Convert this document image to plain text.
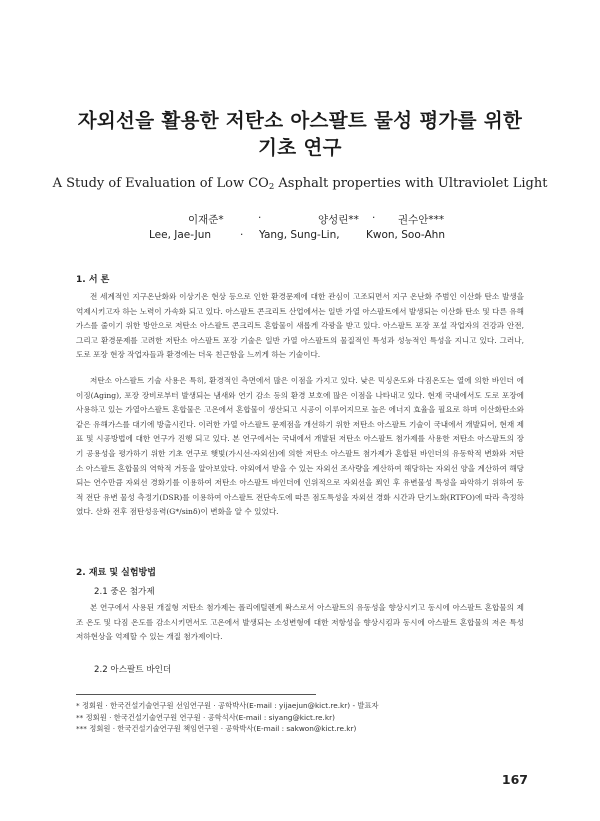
자외선을 활용한 저탄소 아스팔트 물성 평가를 위한
기초 연구
A Study of Evaluation of Low $CO_2$ Asphalt properties with Ultraviolet Light
이재준*	·	양성린** · 권수안***
Lee, Jae-Jun	· Yang, Sung-Lin,	Kwon, Soo-Ahn
1. 서 론

전 세계적인 지구온난화와 이상기온 현상 등으로 인한 환경문제에 대한 관심이 고조되면서 지구 온난화 주범인 이산화 탄소 발생을 억제시키고자 하는 노력이 가속화 되고 있다. 아스팔트 콘크리트 산업에서는 일반 가열 아스팔트에서 발생되는 이산화 탄소 및 다른 유해가스를 줄이기 위한 방안으로 저탄소 아스팔트 콘크리트 혼합물이 새롭게 각광을 받고 있다. 아스팔트 포장 포설 작업자의 건강과 안전, 그리고 환경문제를 고려한 저탄소 아스팔트 포장 기술은 일반 가열 아스팔트의 물질적인 특성과 성능적인 특성을 지니고 있다. 그러나, 도로 포장 현장 작업자들과 환경에는 더욱 친근함을 느끼게 하는 기술이다.

저탄소 아스팔트 기술 사용은 특히, 환경적인 측면에서 많은 이점을 가지고 있다. 낮은 믹싱온도와 다짐온도는 열에 의한 바인더 에이징(Aging), 포장 장비로부터 발생되는 냄새와 연기 감소 등의 환경 보호에 많은 이점을 나타내고 있다. 현재 국내에서도 도로 포장에 사용하고 있는 가열아스팔트 혼합물은 고온에서 혼합물이 생산되고 시공이 이루어지므로 높은 에너지 효율을 필요로 하며 이산화탄소와 같은 유해가스를 대기에 방출시킨다. 이러한 가열 아스팔트 문제점을 개선하기 위한 저탄소 아스팔트 기술이 국내에서 개발되어, 현재 제표 및 시공방법에 대한 연구가 진행 되고 있다. 본 연구에서는 국내에서 개발된 저탄소 아스팔트 첨가제를 사용한 저탄소 아스팔트의 장기 공용성을 평가하기 위한 기초 연구로 햇빛(가시선-자외선)에 의한 저탄소 아스팔트 첨가제가 혼합된 바인더의 유동학적 변화와 저탄소 아스팔트 혼합물의 역학적 거동을 알아보았다. 야외에서 받을 수 있는 자외선 조사량을 계산하여 해당하는 자외선 양을 계산하여 해당되는 연수만큼 자외선 경화기를 이용하여 저탄소 아스팔트 바인더에 인위적으로 자외선을 쬐인 후 유변물성 특성을 파악하기 위하여 동적 전단 유변 물성 측정기(DSR)를 이용하여 아스팔트 전단속도에 따른 점도특성을 자외선 경화 시간과 단기노화(RTFO)에 따라 측정하였다. 산화 전후 점탄성응력(G*/sinδ)이 변화을 알 수 있었다.

2. 재료 및 실험방법
2.1 중온 첨가제

본 연구에서 사용된 개질형 저탄소 첨가제는 폴리에틸렌계 왁스로서 아스팔트의 유동성을 향상시키고 동시에 아스팔트 혼합물의 제조 온도 및 다짐 온도를 감소시키면서도 고온에서 발생되는 소성변형에 대한 저항성을 향상시킴과 동시에 아스팔트 혼합물의 저온 특성 저하현상을 억제할 수 있는 개질 첨가제이다.

2.2 아스팔트 바인더
* 정회원 · 한국건설기술연구원 선임연구원 · 공학박사(E-mail : yijaejun@kict.re.kr) - 발표자
** 정회원 · 한국건설기술연구원 연구원 · 공학석사(E-mail : siyang@kict.re.kr)
*** 정회원 · 한국건설기술연구원 책임연구원 · 공학박사(E-mail : sakwon@kict.re.kr)
167
